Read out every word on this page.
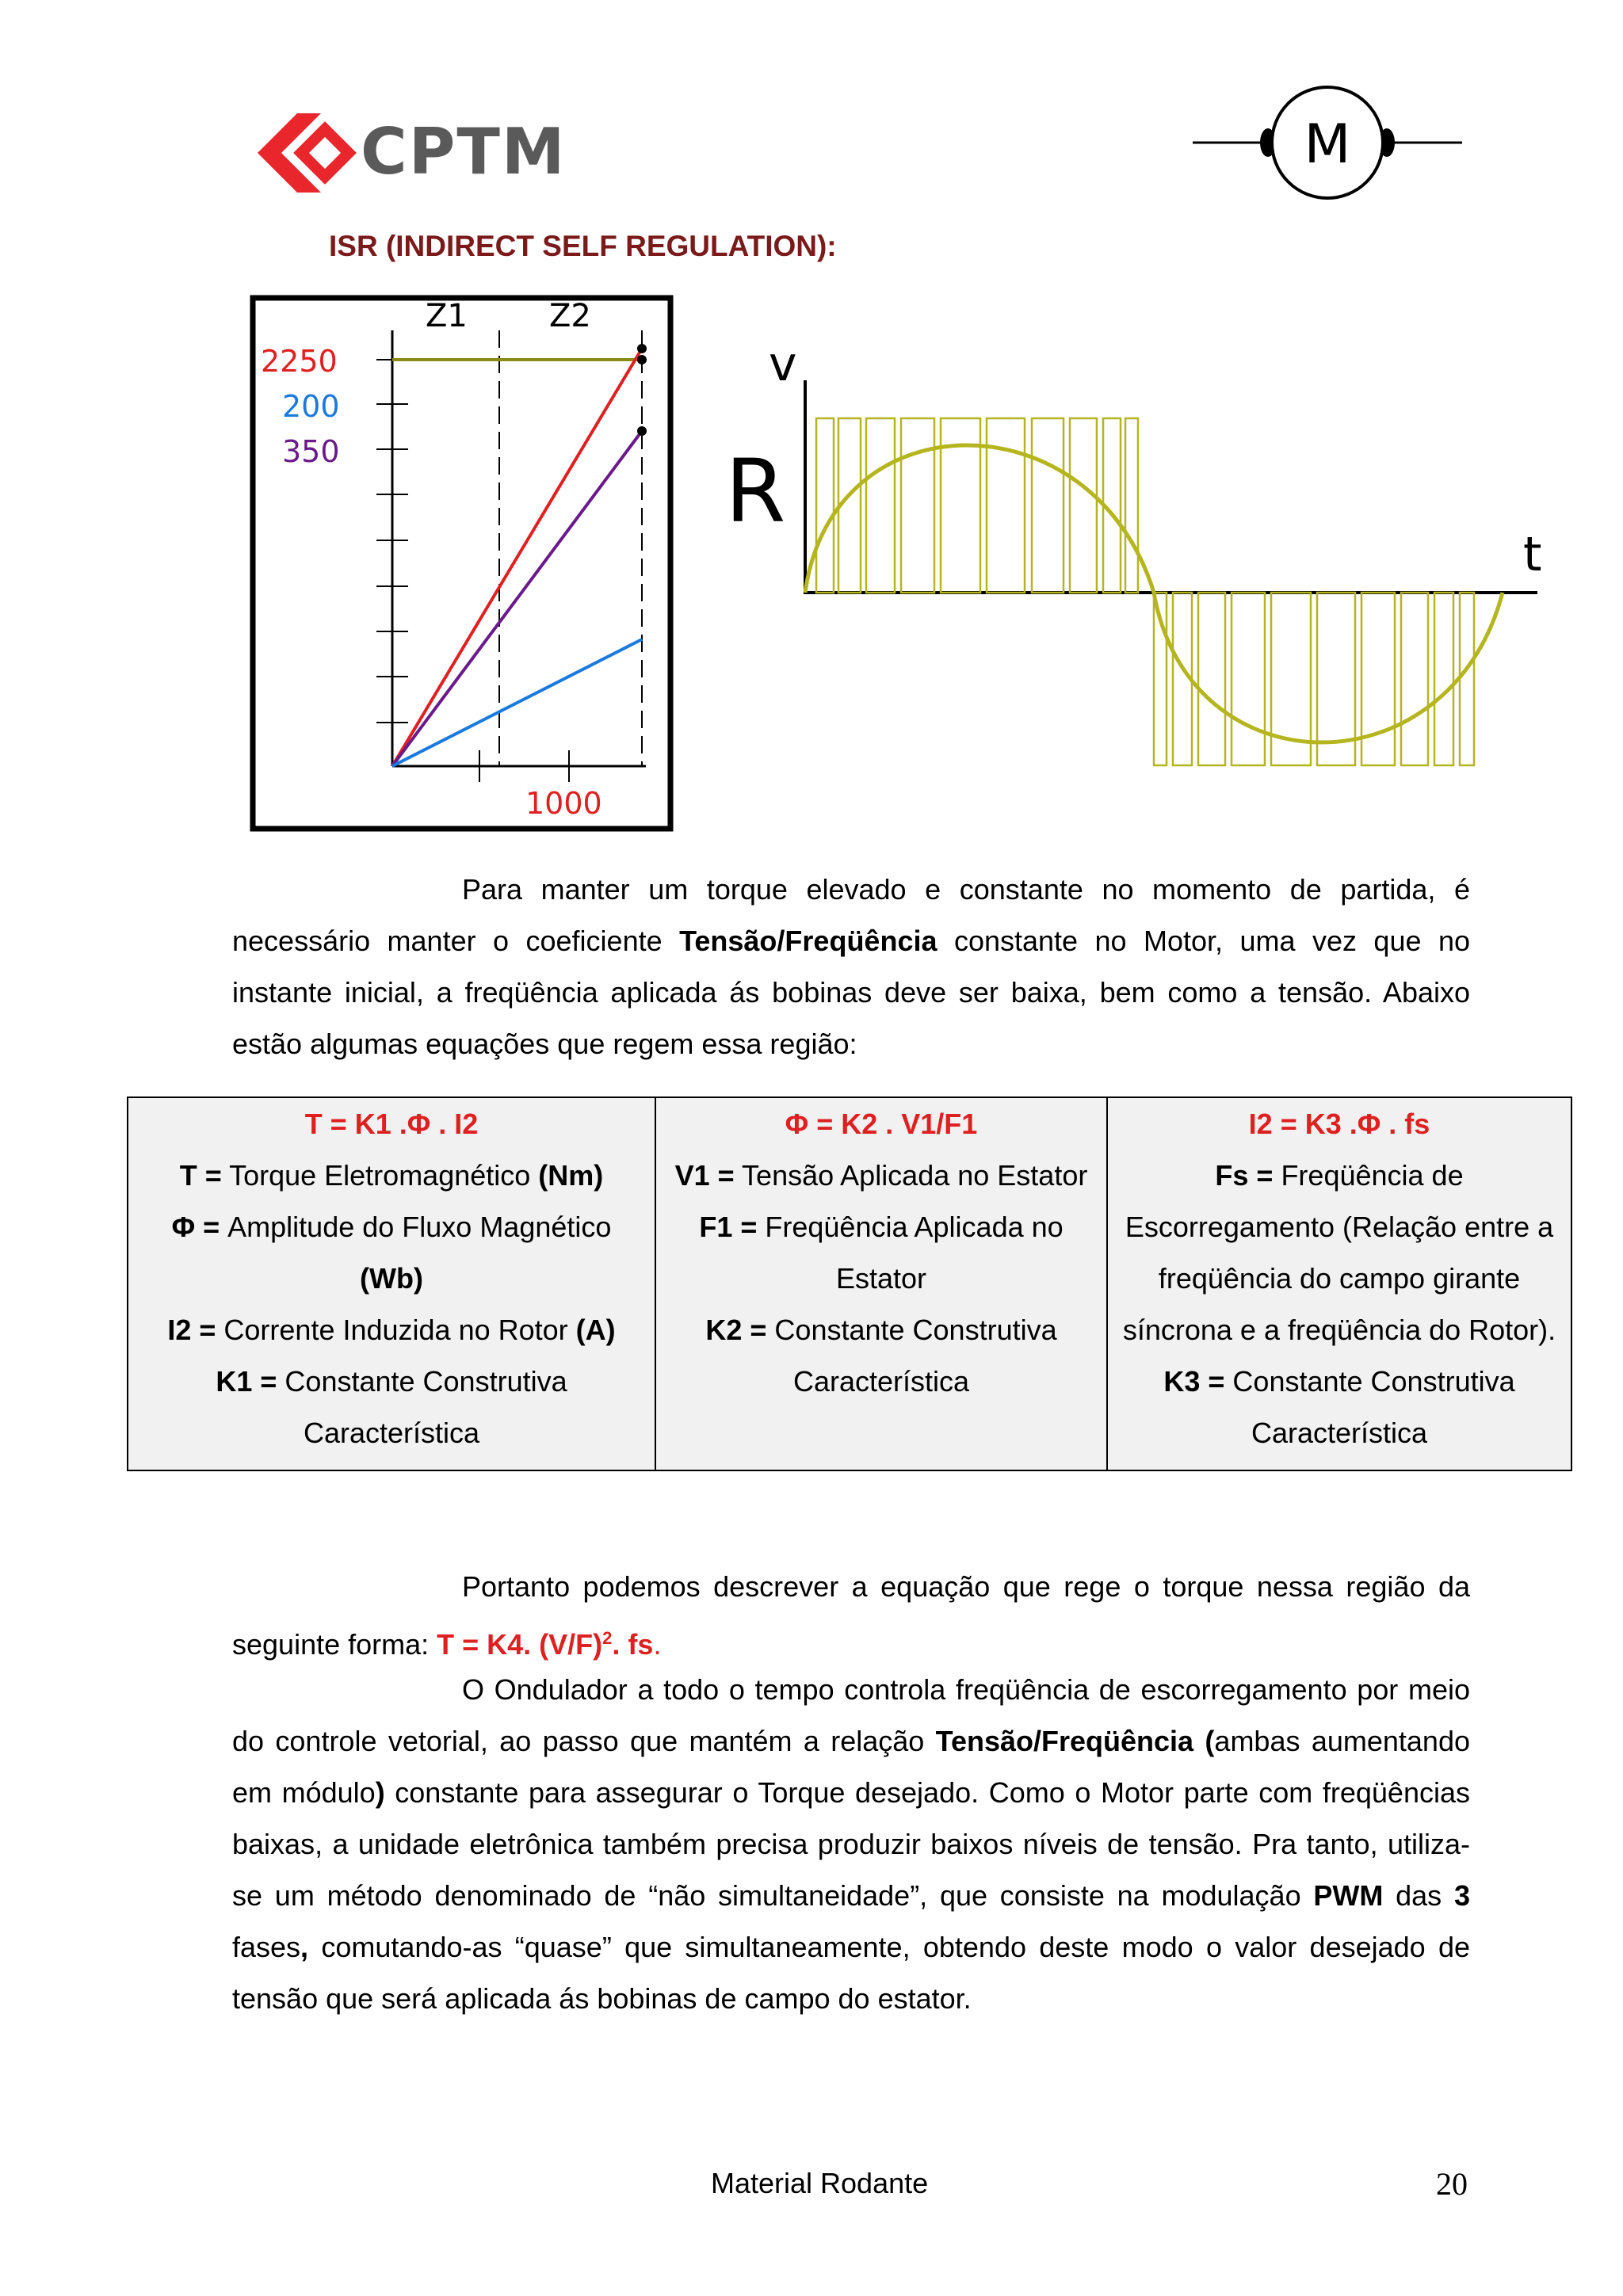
CPTM	M
ISR (INDIRECT SELF REGULATION):
Z1	Z2
2250
200
350
1000
v
R
t
Para manter um torque elevado e constante no momento de partida, é necessário manter o coeficiente Tensão/Freqüência constante no Motor, uma vez que no instante inicial, a freqüência aplicada ás bobinas deve ser baixa, bem como a tensão. Abaixo estão algumas equações que regem essa região:
T = K1 .Φ . I2
T = Torque Eletromagnético (Nm)
Φ = Amplitude do Fluxo Magnético (Wb)
I2 = Corrente Induzida no Rotor (A)
K1 = Constante Construtiva Característica

Φ = K2 . V1/F1
V1 = Tensão Aplicada no Estator
F1 = Freqüência Aplicada no Estator
K2 = Constante Construtiva Característica

I2 = K3 .Φ . fs
Fs = Freqüência de Escorregamento (Relação entre a freqüência do campo girante síncrona e a freqüência do Rotor).
K3 = Constante Construtiva Característica
Portanto podemos descrever a equação que rege o torque nessa região da seguinte forma: T = K4. $(V/F)^2$. fs.
O Ondulador a todo o tempo controla freqüência de escorregamento por meio do controle vetorial, ao passo que mantém a relação Tensão/Freqüência (ambas aumentando em módulo) constante para assegurar o Torque desejado. Como o Motor parte com freqüências baixas, a unidade eletrônica também precisa produzir baixos níveis de tensão. Pra tanto, utiliza-se um método denominado de “não simultaneidade”, que consiste na modulação PWM das 3 fases, comutando-as “quase” que simultaneamente, obtendo deste modo o valor desejado de tensão que será aplicada ás bobinas de campo do estator.
Material Rodante	20
